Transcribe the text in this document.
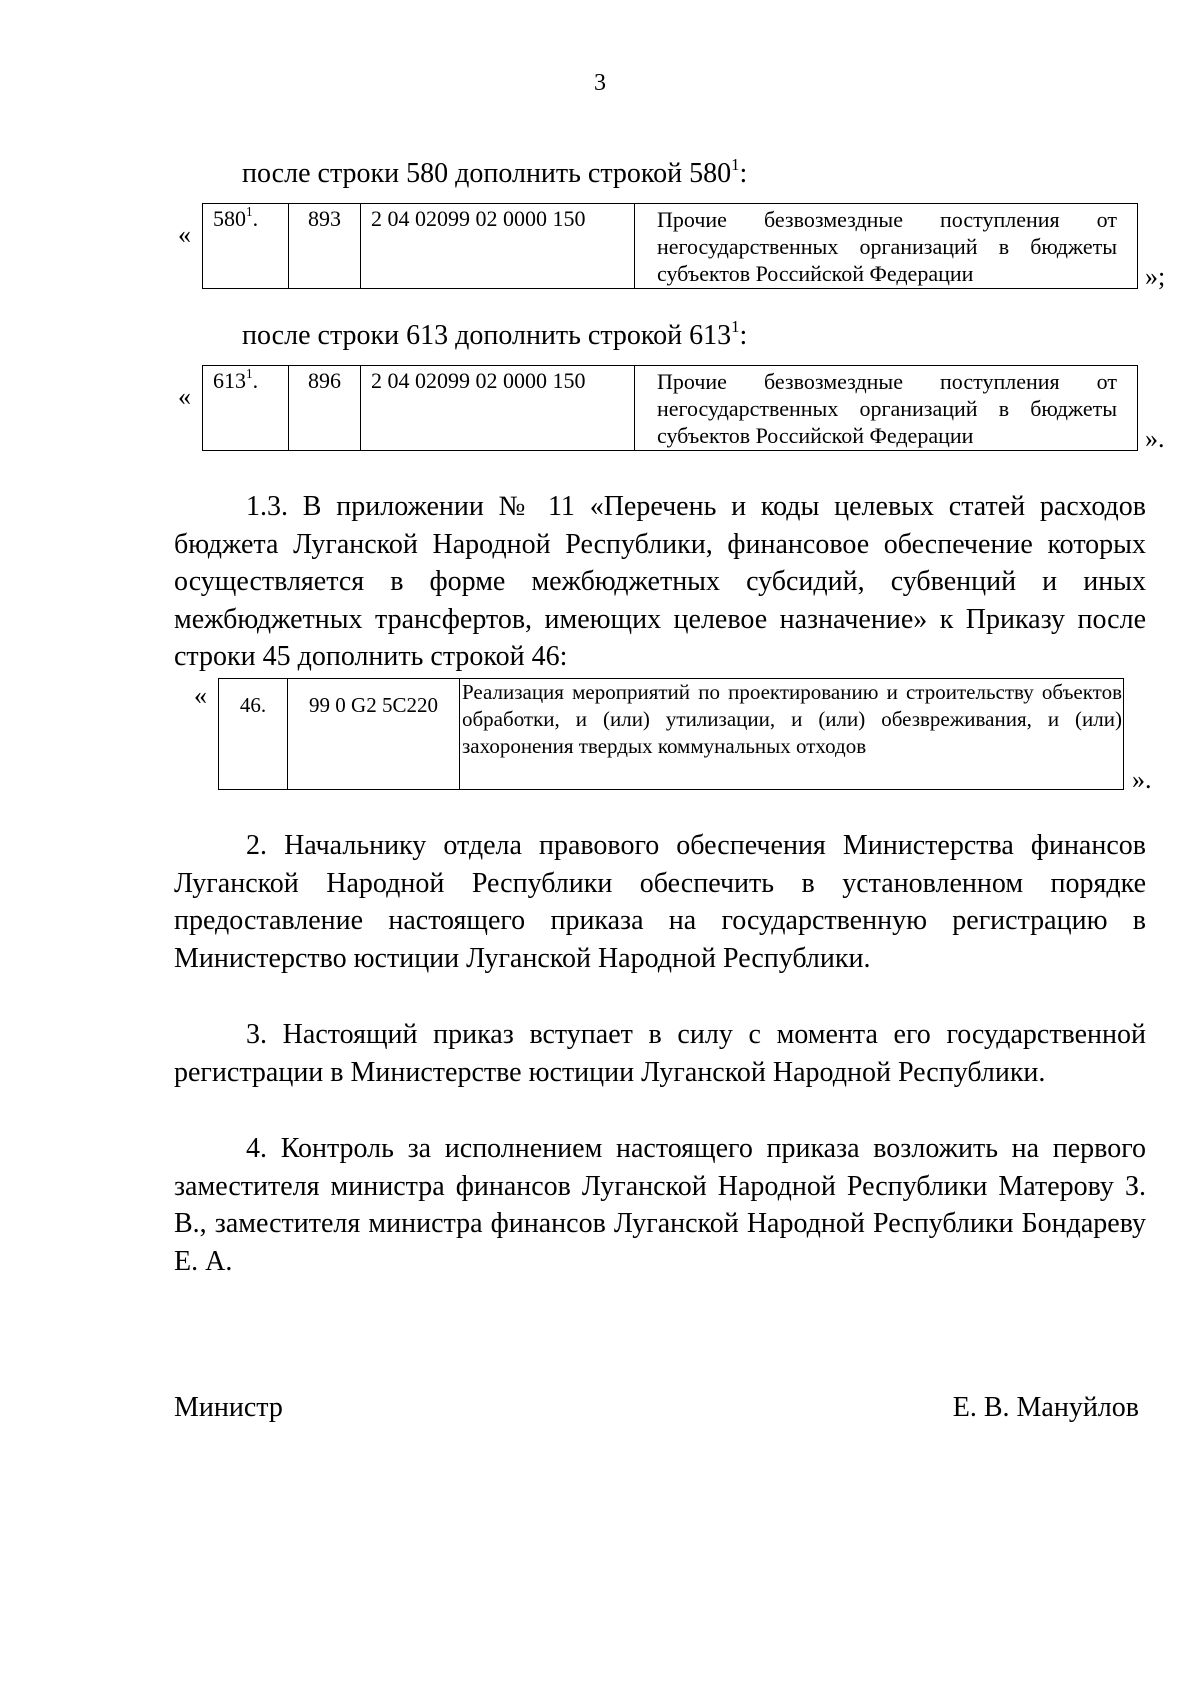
3
после строки 580 дополнить строкой $580^1$:
«
$580^1$.	893	2 04 02099 02 0000 150	Прочие безвозмездные поступления от негосударственных организаций в бюджеты субъектов Российской Федерации	»;
после строки 613 дополнить строкой $613^1$:
«
$613^1$.	896	2 04 02099 02 0000 150	Прочие безвозмездные поступления от негосударственных организаций в бюджеты субъектов Российской Федерации	».

1.3. В приложении № 11 «Перечень и коды целевых статей расходов бюджета Луганской Народной Республики, финансовое обеспечение которых осуществляется в форме межбюджетных субсидий, субвенций и иных межбюджетных трансфертов, имеющих целевое назначение» к Приказу после строки 45 дополнить строкой 46:

« 46.	99 0 G2 5C220	Реализация мероприятий по проектированию и строительству объектов обработки, и (или) утилизации, и (или) обезвреживания, и (или) захоронения твердых коммунальных отходов
».

2. Начальнику отдела правового обеспечения Министерства финансов Луганской Народной Республики обеспечить в установленном порядке предоставление настоящего приказа на государственную регистрацию в Министерство юстиции Луганской Народной Республики.

3. Настоящий приказ вступает в силу с момента его государственной регистрации в Министерстве юстиции Луганской Народной Республики.

4. Контроль за исполнением настоящего приказа возложить на первого заместителя министра финансов Луганской Народной Республики Матерову З. В., заместителя министра финансов Луганской Народной Республики Бондареву Е. А.

Министр	Е. В. Мануйлов
